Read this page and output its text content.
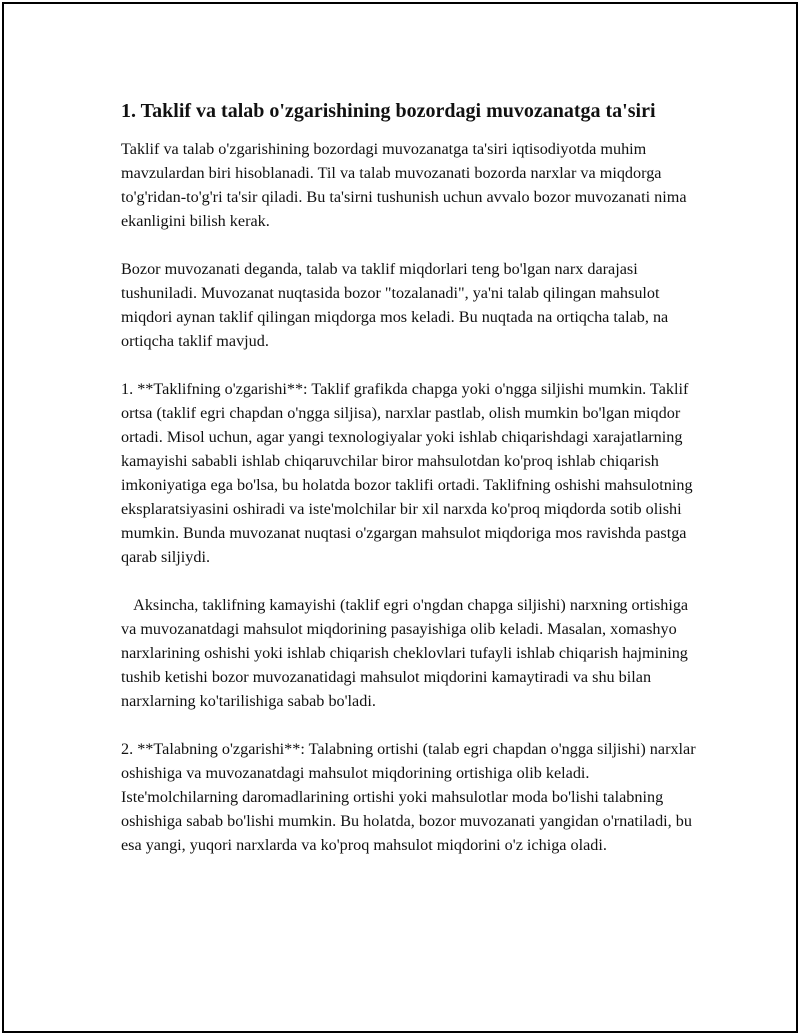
1. Taklif va talab o'zgarishining bozordagi muvozanatga ta'siri

Taklif va talab o'zgarishining bozordagi muvozanatga ta'siri iqtisodiyotda muhim mavzulardan biri hisoblanadi. Til va talab muvozanati bozorda narxlar va miqdorga to'g'ridan-to'g'ri ta'sir qiladi. Bu ta'sirni tushunish uchun avvalo bozor muvozanati nima ekanligini bilish kerak.

Bozor muvozanati deganda, talab va taklif miqdorlari teng bo'lgan narx darajasi tushuniladi. Muvozanat nuqtasida bozor "tozalanadi", ya'ni talab qilingan mahsulot miqdori aynan taklif qilingan miqdorga mos keladi. Bu nuqtada na ortiqcha talab, na ortiqcha taklif mavjud.

1. **Taklifning o'zgarishi**: Taklif grafikda chapga yoki o'ngga siljishi mumkin. Taklif ortsa (taklif egri chapdan o'ngga siljisa), narxlar pastlab, olish mumkin bo'lgan miqdor ortadi. Misol uchun, agar yangi texnologiyalar yoki ishlab chiqarishdagi xarajatlarning kamayishi sababli ishlab chiqaruvchilar biror mahsulotdan ko'proq ishlab chiqarish imkoniyatiga ega bo'lsa, bu holatda bozor taklifi ortadi. Taklifning oshishi mahsulotning eksplaratsiyasini oshiradi va iste'molchilar bir xil narxda ko'proq miqdorda sotib olishi mumkin. Bunda muvozanat nuqtasi o'zgargan mahsulot miqdoriga mos ravishda pastga qarab siljiydi.

Aksincha, taklifning kamayishi (taklif egri o'ngdan chapga siljishi) narxning ortishiga va muvozanatdagi mahsulot miqdorining pasayishiga olib keladi. Masalan, xomashyo narxlarining oshishi yoki ishlab chiqarish cheklovlari tufayli ishlab chiqarish hajmining tushib ketishi bozor muvozanatidagi mahsulot miqdorini kamaytiradi va shu bilan narxlarning ko'tarilishiga sabab bo'ladi.

2. **Talabning o'zgarishi**: Talabning ortishi (talab egri chapdan o'ngga siljishi) narxlar oshishiga va muvozanatdagi mahsulot miqdorining ortishiga olib keladi. Iste'molchilarning daromadlarining ortishi yoki mahsulotlar moda bo'lishi talabning oshishiga sabab bo'lishi mumkin. Bu holatda, bozor muvozanati yangidan o'rnatiladi, bu esa yangi, yuqori narxlarda va ko'proq mahsulot miqdorini o'z ichiga oladi.
